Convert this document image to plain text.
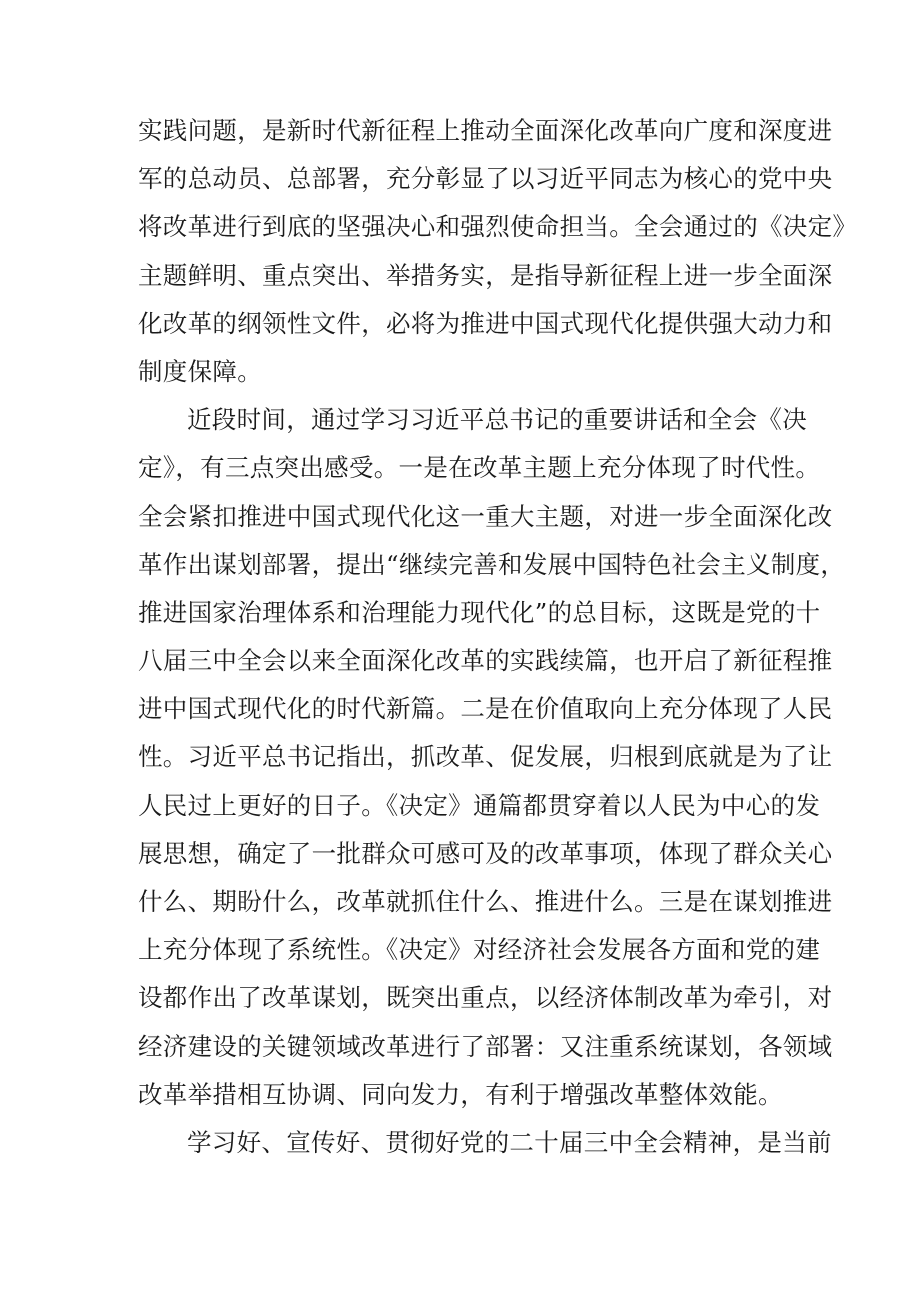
实践问题，是新时代新征程上推动全面深化改革向广度和深度进
军的总动员、总部署，充分彰显了以习近平同志为核心的党中央
将改革进行到底的坚强决心和强烈使命担当。全会通过的《决定》
主题鲜明、重点突出、举措务实，是指导新征程上进一步全面深
化改革的纲领性文件，必将为推进中国式现代化提供强大动力和
制度保障。
近段时间，通过学习习近平总书记的重要讲话和全会《决
定》，有三点突出感受。一是在改革主题上充分体现了时代性。
全会紧扣推进中国式现代化这一重大主题，对进一步全面深化改
革作出谋划部署，提出“继续完善和发展中国特色社会主义制度，
推进国家治理体系和治理能力现代化”的总目标，这既是党的十
八届三中全会以来全面深化改革的实践续篇，也开启了新征程推
进中国式现代化的时代新篇。二是在价值取向上充分体现了人民
性。习近平总书记指出，抓改革、促发展，归根到底就是为了让
人民过上更好的日子。《决定》通篇都贯穿着以人民为中心的发
展思想，确定了一批群众可感可及的改革事项，体现了群众关心
什么、期盼什么，改革就抓住什么、推进什么。三是在谋划推进
上充分体现了系统性。《决定》对经济社会发展各方面和党的建
设都作出了改革谋划，既突出重点，以经济体制改革为牵引，对
经济建设的关键领域改革进行了部署：又注重系统谋划，各领域
改革举措相互协调、同向发力，有利于增强改革整体效能。
学习好、宣传好、贯彻好党的二十届三中全会精神，是当前
